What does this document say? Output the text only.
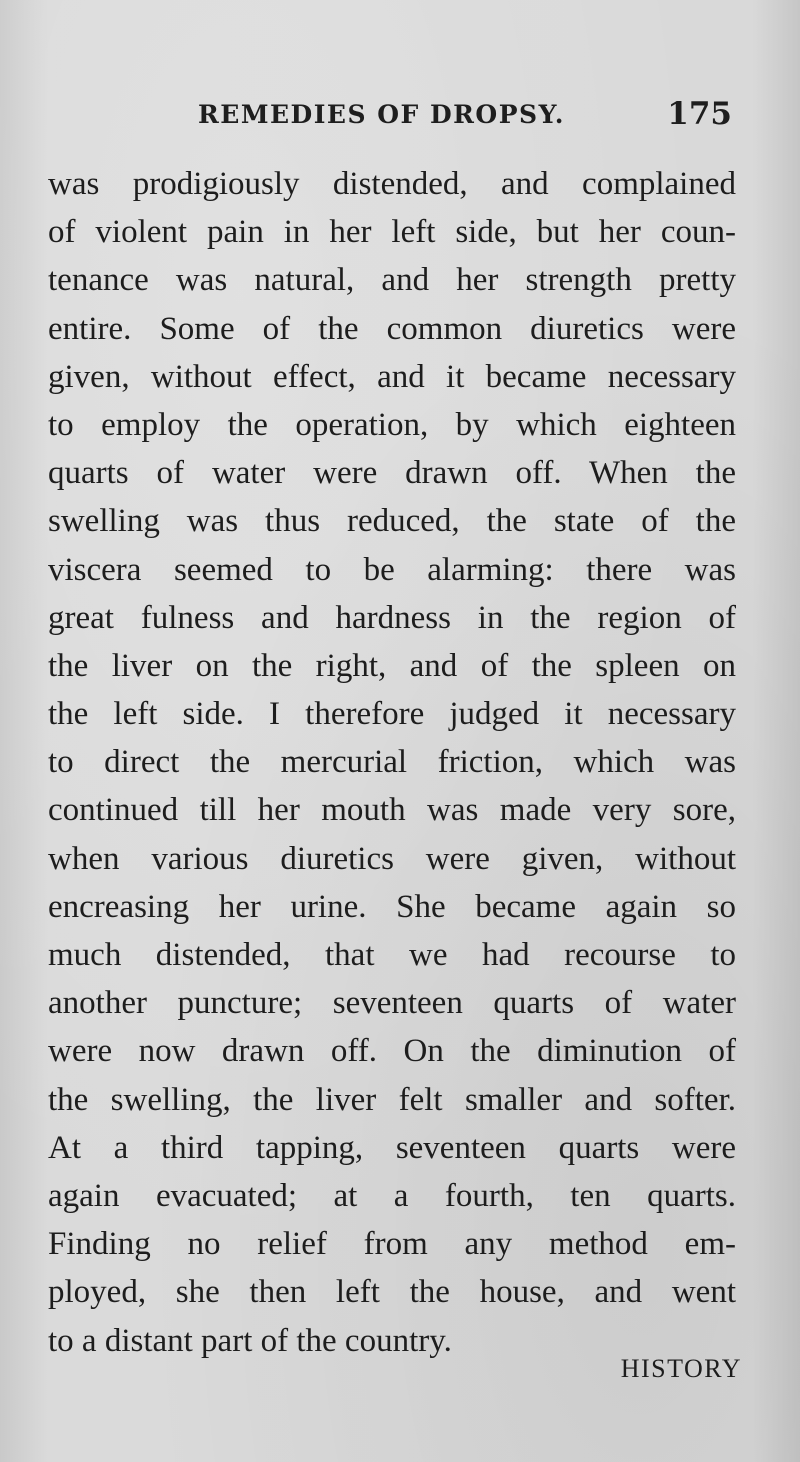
REMEDIES OF DROPSY.	175
was prodigiously distended, and complained
of violent pain in her left side, but her coun-
tenance was natural, and her strength pretty
entire. Some of the common diuretics were
given, without effect, and it became necessary
to employ the operation, by which eighteen
quarts of water were drawn off. When the
swelling was thus reduced, the state of the
viscera seemed to be alarming: there was
great fulness and hardness in the region of
the liver on the right, and of the spleen on
the left side. I therefore judged it necessary
to direct the mercurial friction, which was
continued till her mouth was made very sore,
when various diuretics were given, without
encreasing her urine. She became again so
much distended, that we had recourse to
another puncture; seventeen quarts of water
were now drawn off. On the diminution of
the swelling, the liver felt smaller and softer.
At a third tapping, seventeen quarts were
again evacuated; at a fourth, ten quarts.
Finding no relief from any method em-
ployed, she then left the house, and went
to a distant part of the country.
HISTORY
